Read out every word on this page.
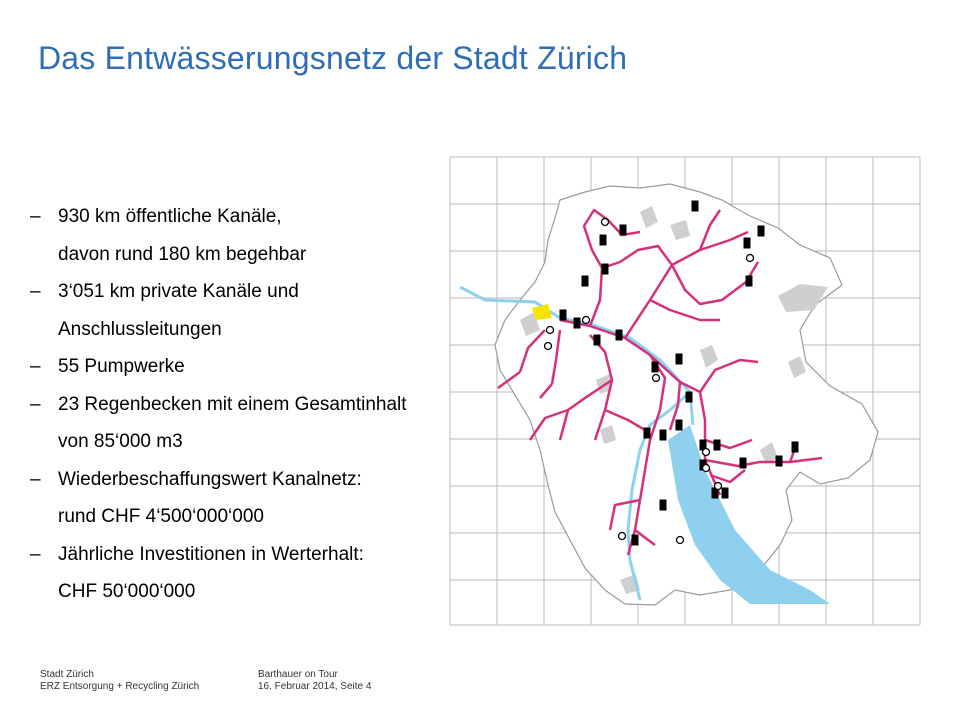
Das Entwässerungsnetz der Stadt Zürich
– 930 km öffentliche Kanäle,
davon rund 180 km begehbar
– 3‘051 km private Kanäle und
Anschlussleitungen
– 55 Pumpwerke
– 23 Regenbecken mit einem Gesamtinhalt
von 85‘000 m3
– Wiederbeschaffungswert Kanalnetz:
rund CHF 4‘500‘000‘000
– Jährliche Investitionen in Werterhalt:
CHF 50‘000‘000
Stadt Zürich
ERZ Entsorgung + Recycling Zürich
Barthauer on Tour
16. Februar 2014, Seite 4
